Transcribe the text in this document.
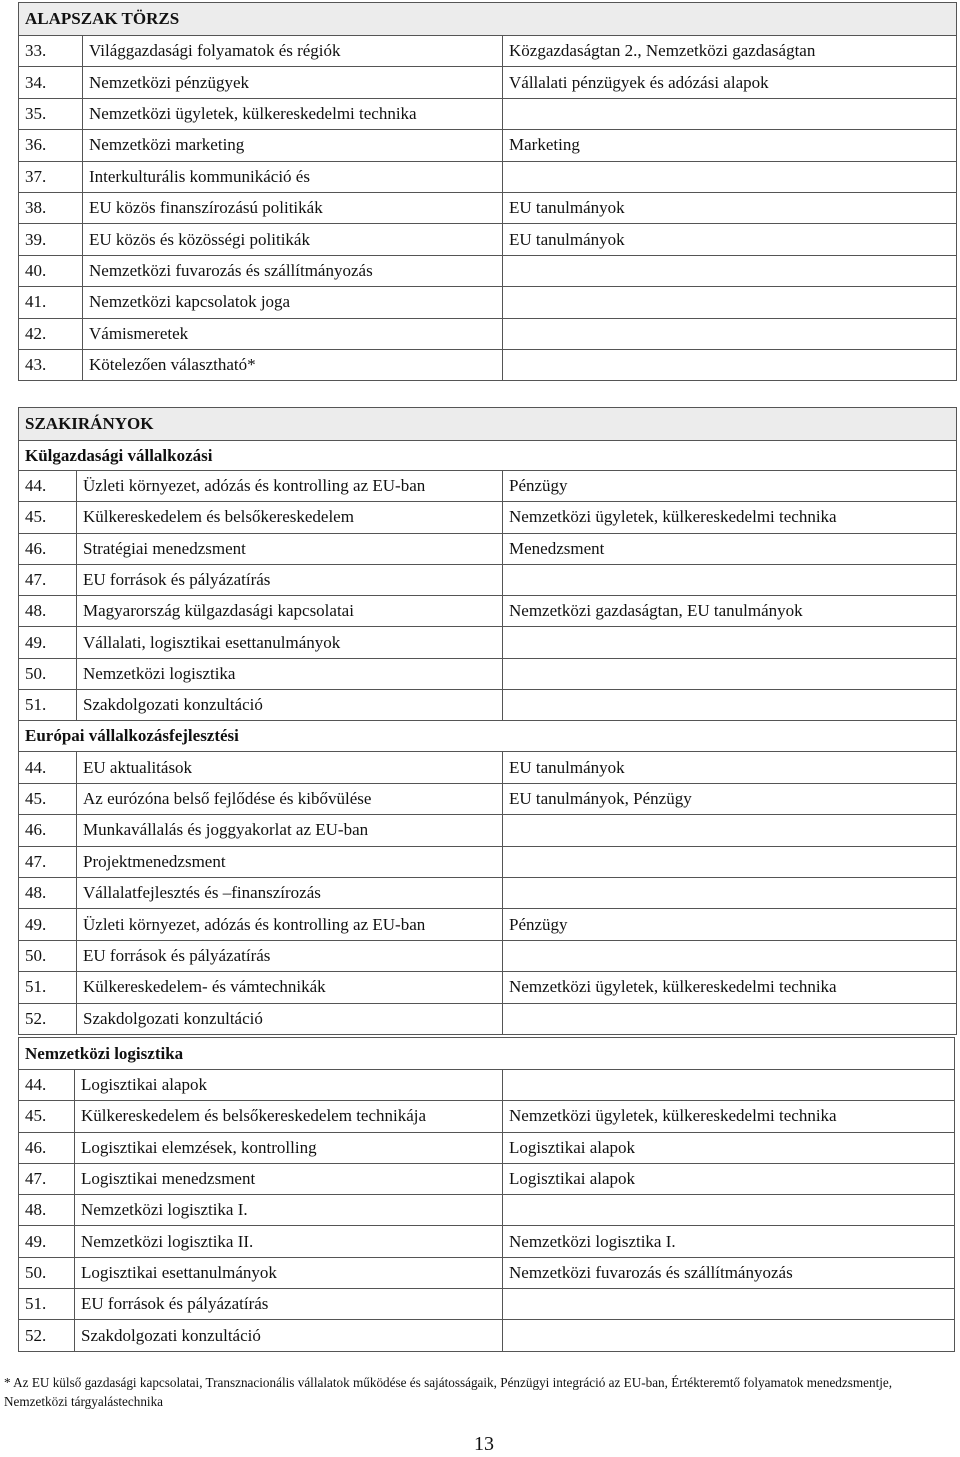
ALAPSZAK TÖRZS		
33.	Világgazdasági folyamatok és régiók	Közgazdaságtan 2., Nemzetközi gazdaságtan
34.	Nemzetközi pénzügyek	Vállalati pénzügyek és adózási alapok
35.	Nemzetközi ügyletek, külkereskedelmi technika	
36.	Nemzetközi marketing	Marketing
37.	Interkulturális kommunikáció és	
38.	EU közös finanszírozású politikák	EU tanulmányok
39.	EU közös és közösségi politikák	EU tanulmányok
40.	Nemzetközi fuvarozás és szállítmányozás	
41.	Nemzetközi kapcsolatok joga	
42.	Vámismeretek	
43.	Kötelezően választható*	
SZAKIRÁNYOK		
Külgazdasági vállalkozási		
44.	Üzleti környezet, adózás és kontrolling az EU-ban	Pénzügy
45.	Külkereskedelem és belsőkereskedelem	Nemzetközi ügyletek, külkereskedelmi technika
46.	Stratégiai menedzsment	Menedzsment
47.	EU források és pályázatírás	
48.	Magyarország külgazdasági kapcsolatai	Nemzetközi gazdaságtan, EU tanulmányok
49.	Vállalati, logisztikai esettanulmányok	
50.	Nemzetközi logisztika	
51.	Szakdolgozati konzultáció	
Európai vállalkozásfejlesztési		
44.	EU aktualitások	EU tanulmányok
45.	Az eurózóna belső fejlődése és kibővülése	EU tanulmányok, Pénzügy
46.	Munkavállalás és joggyakorlat az EU-ban	
47.	Projektmenedzsment	
48.	Vállalatfejlesztés és –finanszírozás	
49.	Üzleti környezet, adózás és kontrolling az EU-ban	Pénzügy
50.	EU források és pályázatírás	
51.	Külkereskedelem- és vámtechnikák	Nemzetközi ügyletek, külkereskedelmi technika
52.	Szakdolgozati konzultáció	
Nemzetközi logisztika		
44.	Logisztikai alapok	
45.	Külkereskedelem és belsőkereskedelem technikája	Nemzetközi ügyletek, külkereskedelmi technika
46.	Logisztikai elemzések, kontrolling	Logisztikai alapok
47.	Logisztikai menedzsment	Logisztikai alapok
48.	Nemzetközi logisztika I.	
49.	Nemzetközi logisztika II.	Nemzetközi logisztika I.
50.	Logisztikai esettanulmányok	Nemzetközi fuvarozás és szállítmányozás
51.	EU források és pályázatírás	
52.	Szakdolgozati konzultáció	
* Az EU külső gazdasági kapcsolatai, Transznacionális vállalatok működése és sajátosságaik, Pénzügyi integráció az EU-ban, Értékteremtő folyamatok menedzsmentje, Nemzetközi tárgyalástechnika
13
